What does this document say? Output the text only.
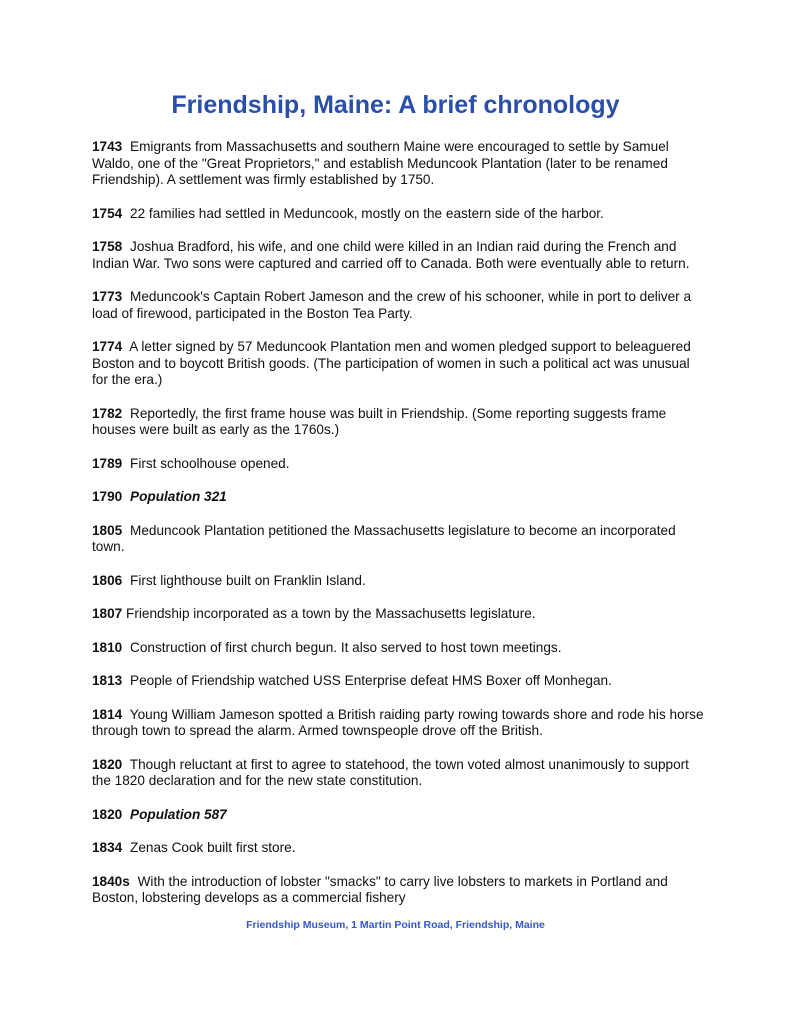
Friendship, Maine: A brief chronology

1743 Emigrants from Massachusetts and southern Maine were encouraged to settle by Samuel Waldo, one of the "Great Proprietors," and establish Meduncook Plantation (later to be renamed Friendship). A settlement was firmly established by 1750.

1754 22 families had settled in Meduncook, mostly on the eastern side of the harbor.

1758 Joshua Bradford, his wife, and one child were killed in an Indian raid during the French and Indian War. Two sons were captured and carried off to Canada. Both were eventually able to return.

1773 Meduncook's Captain Robert Jameson and the crew of his schooner, while in port to deliver a load of firewood, participated in the Boston Tea Party.

1774 A letter signed by 57 Meduncook Plantation men and women pledged support to beleaguered Boston and to boycott British goods. (The participation of women in such a political act was unusual for the era.)

1782 Reportedly, the first frame house was built in Friendship. (Some reporting suggests frame houses were built as early as the 1760s.)

1789 First schoolhouse opened.

1790 Population 321

1805 Meduncook Plantation petitioned the Massachusetts legislature to become an incorporated town.

1806 First lighthouse built on Franklin Island.

1807 Friendship incorporated as a town by the Massachusetts legislature.

1810 Construction of first church begun. It also served to host town meetings.

1813 People of Friendship watched USS Enterprise defeat HMS Boxer off Monhegan.

1814 Young William Jameson spotted a British raiding party rowing towards shore and rode his horse through town to spread the alarm. Armed townspeople drove off the British.

1820 Though reluctant at first to agree to statehood, the town voted almost unanimously to support the 1820 declaration and for the new state constitution.

1820 Population 587

1834 Zenas Cook built first store.

1840s With the introduction of lobster "smacks" to carry live lobsters to markets in Portland and Boston, lobstering develops as a commercial fishery

Friendship Museum, 1 Martin Point Road, Friendship, Maine
